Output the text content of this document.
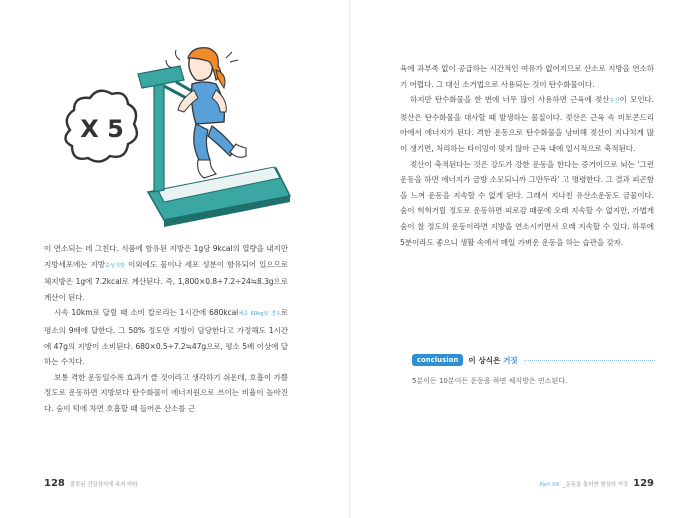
X 5

이 연소되는 데 그친다. 식품에 함유된 지방은 1g당 9kcal의 열량을 내지만 지방세포에는 지방중성지방 이외에도 물이나 세포 성분이 함유되어 있으므로 체지방은 1g에 7.2kcal로 계산된다. 즉, 1,800×0.8÷7.2÷24≒8.3g으로 계산이 된다.

시속 10km로 달릴 때 소비 칼로리는 1시간에 680kcal체중 60kg일 경우로 평소의 9배에 달한다. 그 50% 정도만 지방이 담당한다고 가정해도 1시간에 47g의 지방이 소비된다. 680×0.5÷7.2≒47g으로, 평소 5배 이상에 달하는 수치다.

보통 격한 운동일수록 효과가 클 것이라고 생각하기 쉬운데, 호흡이 가쁠 정도로 운동하면 지방보다 탄수화물이 에너지원으로 쓰이는 비율이 높아진다. 숨이 턱에 차면 호흡할 때 들어온 산소를 근

육에 과부족 없이 공급하는 시간적인 여유가 없어지므로 산소로 지방을 연소하기 어렵다. 그 대신 소거법으로 사용되는 것이 탄수화물이다.

하지만 탄수화물을 한 번에 너무 많이 사용하면 근육에 젖산유산이 모인다. 젖산은 탄수화물을 대사할 때 발생하는 물질이다. 젖산은 근육 속 미토콘드리아에서 에너지가 된다. 격한 운동으로 탄수화물을 낭비해 젖산이 지나치게 많이 생기면, 처리하는 타이밍이 맞지 않아 근육 내에 일시적으로 축적된다.

젖산이 축적된다는 것은 강도가 강한 운동을 한다는 증거이므로 뇌는 '그런 운동을 하면 에너지가 금방 소모되니까 그만두라' 고 명령한다. 그 결과 피곤함을 느껴 운동을 지속할 수 없게 된다. 그래서 지나친 유산소운동도 금물이다. 숨이 헉헉거릴 정도로 운동하면 피로감 때문에 오래 지속할 수 없지만, 가볍게 숨이 찰 정도의 운동이라면 지방을 연소시키면서 오래 지속할 수 있다. 하루에 5분이라도 좋으니 생활 속에서 매일 가벼운 운동을 하는 습관을 갖자.

conclusion	이 상식은 거짓
5분이든 10분이든 운동을 하면 체지방은 연소된다.
128 잘못된 건강상식에 속지 마라	Part 04 _운동을 둘러싼 헛상의 거짓 129
